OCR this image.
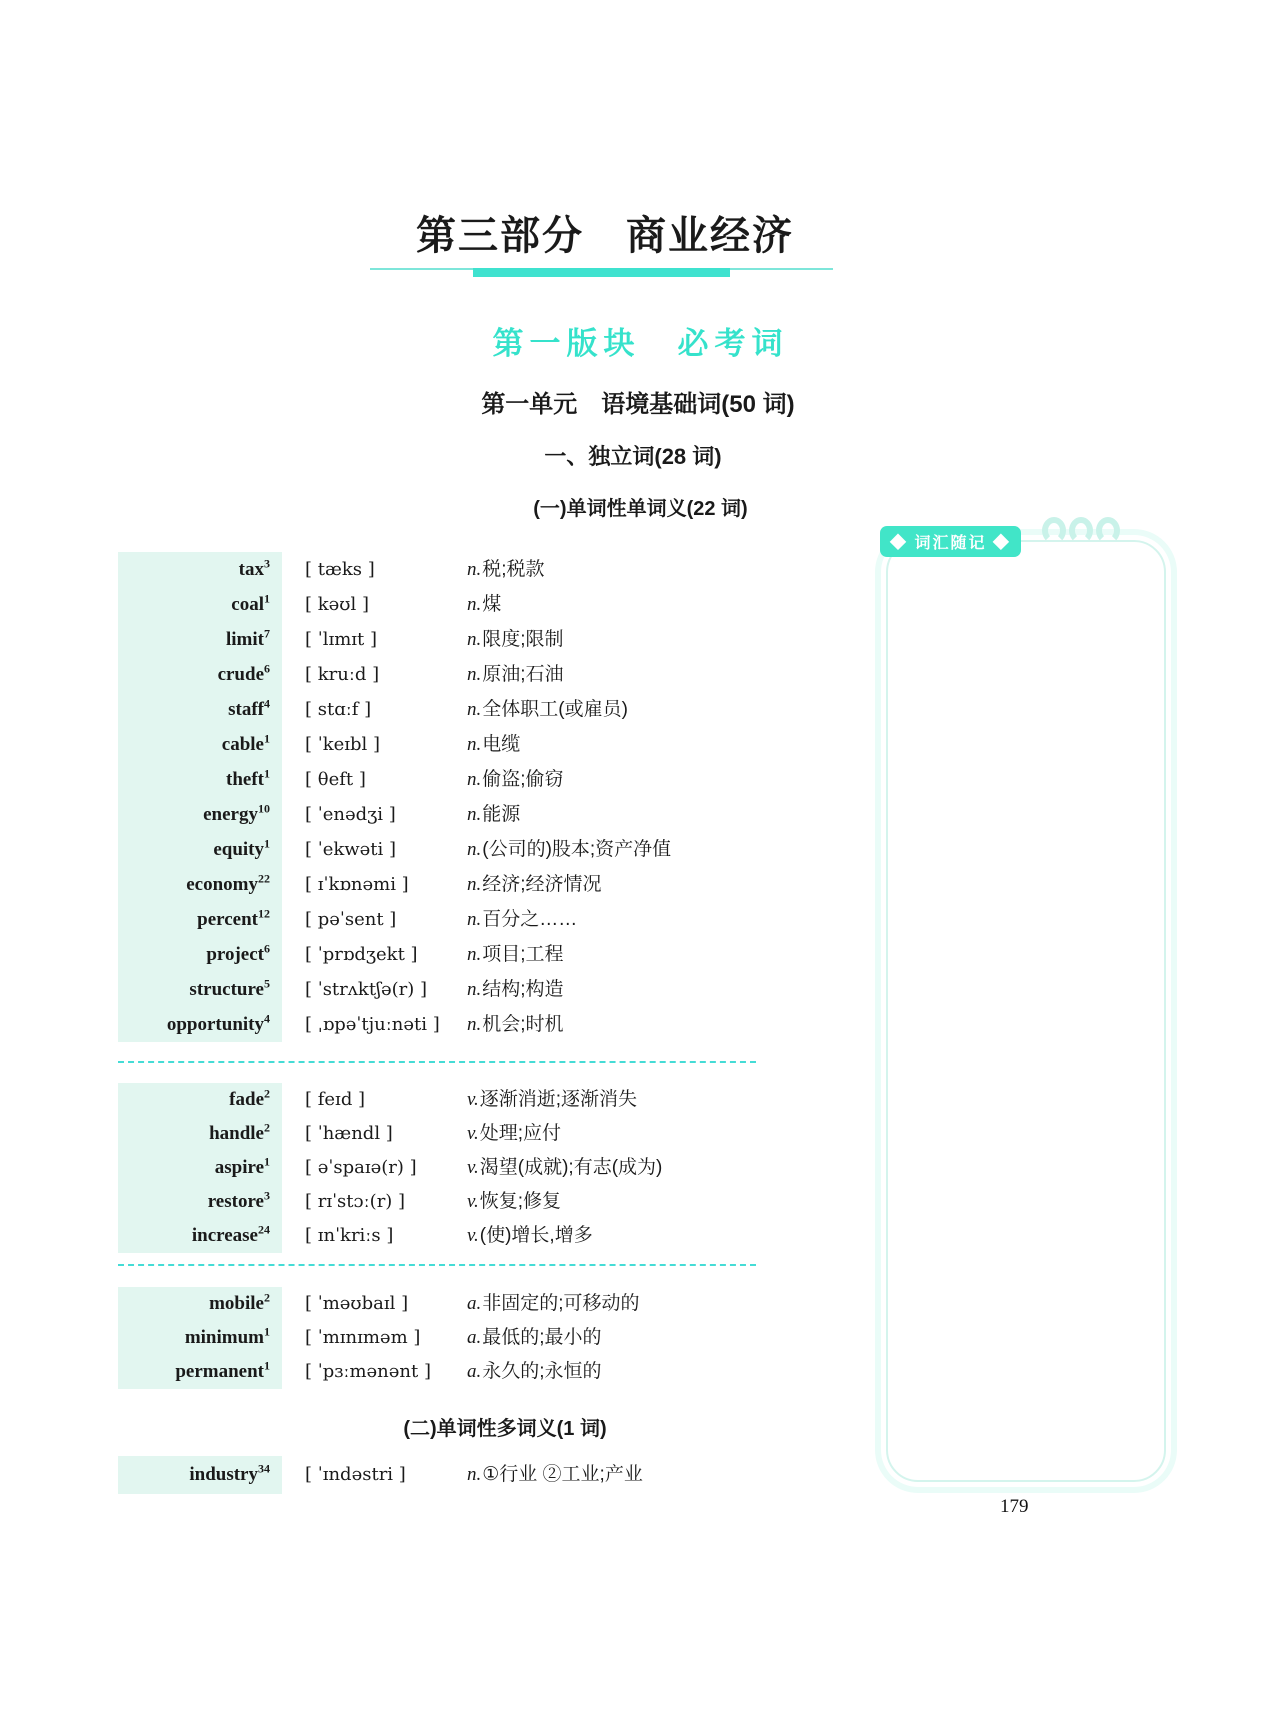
第三部分　商业经济
第一版块　必考词
第一单元　语境基础词(50 词)
一、独立词(28 词)
(一)单词性单词义(22 词)
tax$^3$ [ tæks ]	n.税;税款
coal$^1$ [ kəʊl ]	n.煤
limit$^7$ [ ˈlɪmɪt ]	n.限度;限制
crude$^6$ [ kruːd ]	n.原油;石油
staff$^4$ [ stɑːf ]	n.全体职工(或雇员)
cable$^1$ [ ˈkeɪbl ]	n.电缆
theft$^1$ [ θeft ]	n.偷盗;偷窃
energy$^{10}$ [ ˈenədʒi ]	n.能源
equity$^1$ [ ˈekwəti ]	n.(公司的)股本;资产净值
economy$^{22}$ [ ɪˈkɒnəmi ]	n.经济;经济情况
percent$^{12}$ [ pəˈsent ]	n.百分之……
project$^6$ [ ˈprɒdʒekt ]	n.项目;工程
structure$^5$ [ ˈstrʌktʃə(r) ] n.结构;构造
opportunity$^4$ [ ˌɒpəˈtjuːnəti ] n.机会;时机
fade$^2$ [ feɪd ]	v.逐渐消逝;逐渐消失
handle$^2$ [ ˈhændl ]	v.处理;应付
aspire$^1$ [ əˈspaɪə(r) ]	v.渴望(成就);有志(成为)
restore$^3$ [ rɪˈstɔː(r) ]	v.恢复;修复
increase$^{24}$ [ ɪnˈkriːs ]	v.(使)增长,增多
mobile$^2$ [ ˈməʊbaɪl ]	a.非固定的;可移动的
minimum$^1$ [ ˈmɪnɪməm ] a.最低的;最小的
permanent$^1$ [ ˈpɜːmənənt ] a.永久的;永恒的
(二)单词性多词义(1 词)
industry$^{34}$ [ ˈɪndəstri ]	n.①行业 ②工业;产业
◆ 词汇随记 ◆
179
